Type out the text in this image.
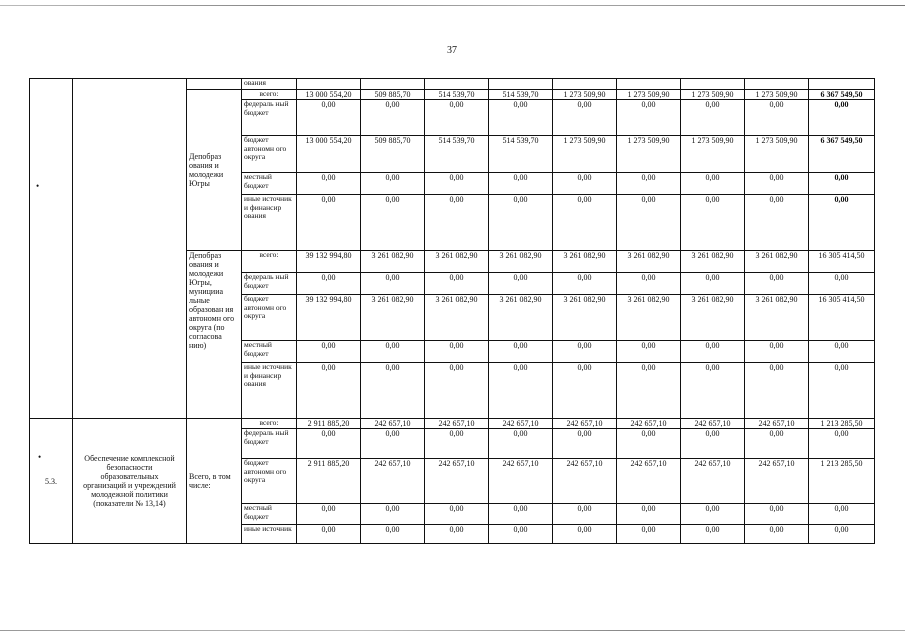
37
•
•
			ования									
		Депобраз ования и молодежи Югры	всего:	13 000 554,20	509 885,70	514 539,70	514 539,70	1 273 509,90	1 273 509,90	1 273 509,90	1 273 509,90	6 367 549,50
			федераль ный бюджет	0,00	0,00	0,00	0,00	0,00	0,00	0,00	0,00	0,00
			бюджет автономн ого округа	13 000 554,20	509 885,70	514 539,70	514 539,70	1 273 509,90	1 273 509,90	1 273 509,90	1 273 509,90	6 367 549,50
			местный бюджет	0,00	0,00	0,00	0,00	0,00	0,00	0,00	0,00	0,00
			иные источник и финансир ования	0,00	0,00	0,00	0,00	0,00	0,00	0,00	0,00	0,00
		Депобраз ования и молодежи Югры, муницииа льные образован ия автономн ого округа (по согласова нию)	всего:	39 132 994,80	3 261 082,90	3 261 082,90	3 261 082,90	3 261 082,90	3 261 082,90	3 261 082,90	3 261 082,90	16 305 414,50
			федераль ный бюджет	0,00	0,00	0,00	0,00	0,00	0,00	0,00	0,00	0,00
			бюджет автономн ого округа	39 132 994,80	3 261 082,90	3 261 082,90	3 261 082,90	3 261 082,90	3 261 082,90	3 261 082,90	3 261 082,90	16 305 414,50
			местный бюджет	0,00	0,00	0,00	0,00	0,00	0,00	0,00	0,00	0,00
			иные источник и финансир ования	0,00	0,00	0,00	0,00	0,00	0,00	0,00	0,00	0,00
5.3.	Обеспечение комплексной безопасности образовательных организаций и учреждений молодежной политики (показатели № 13,14)	Всего, в том числе:	всего:	2 911 885,20	242 657,10	242 657,10	242 657,10	242 657,10	242 657,10	242 657,10	242 657,10	1 213 285,50
			федераль ный бюджет	0,00	0,00	0,00	0,00	0,00	0,00	0,00	0,00	0,00
			бюджет автономн ого округа	2 911 885,20	242 657,10	242 657,10	242 657,10	242 657,10	242 657,10	242 657,10	242 657,10	1 213 285,50
			местный бюджет	0,00	0,00	0,00	0,00	0,00	0,00	0,00	0,00	0,00
			иные источник	0,00	0,00	0,00	0,00	0,00	0,00	0,00	0,00	0,00
